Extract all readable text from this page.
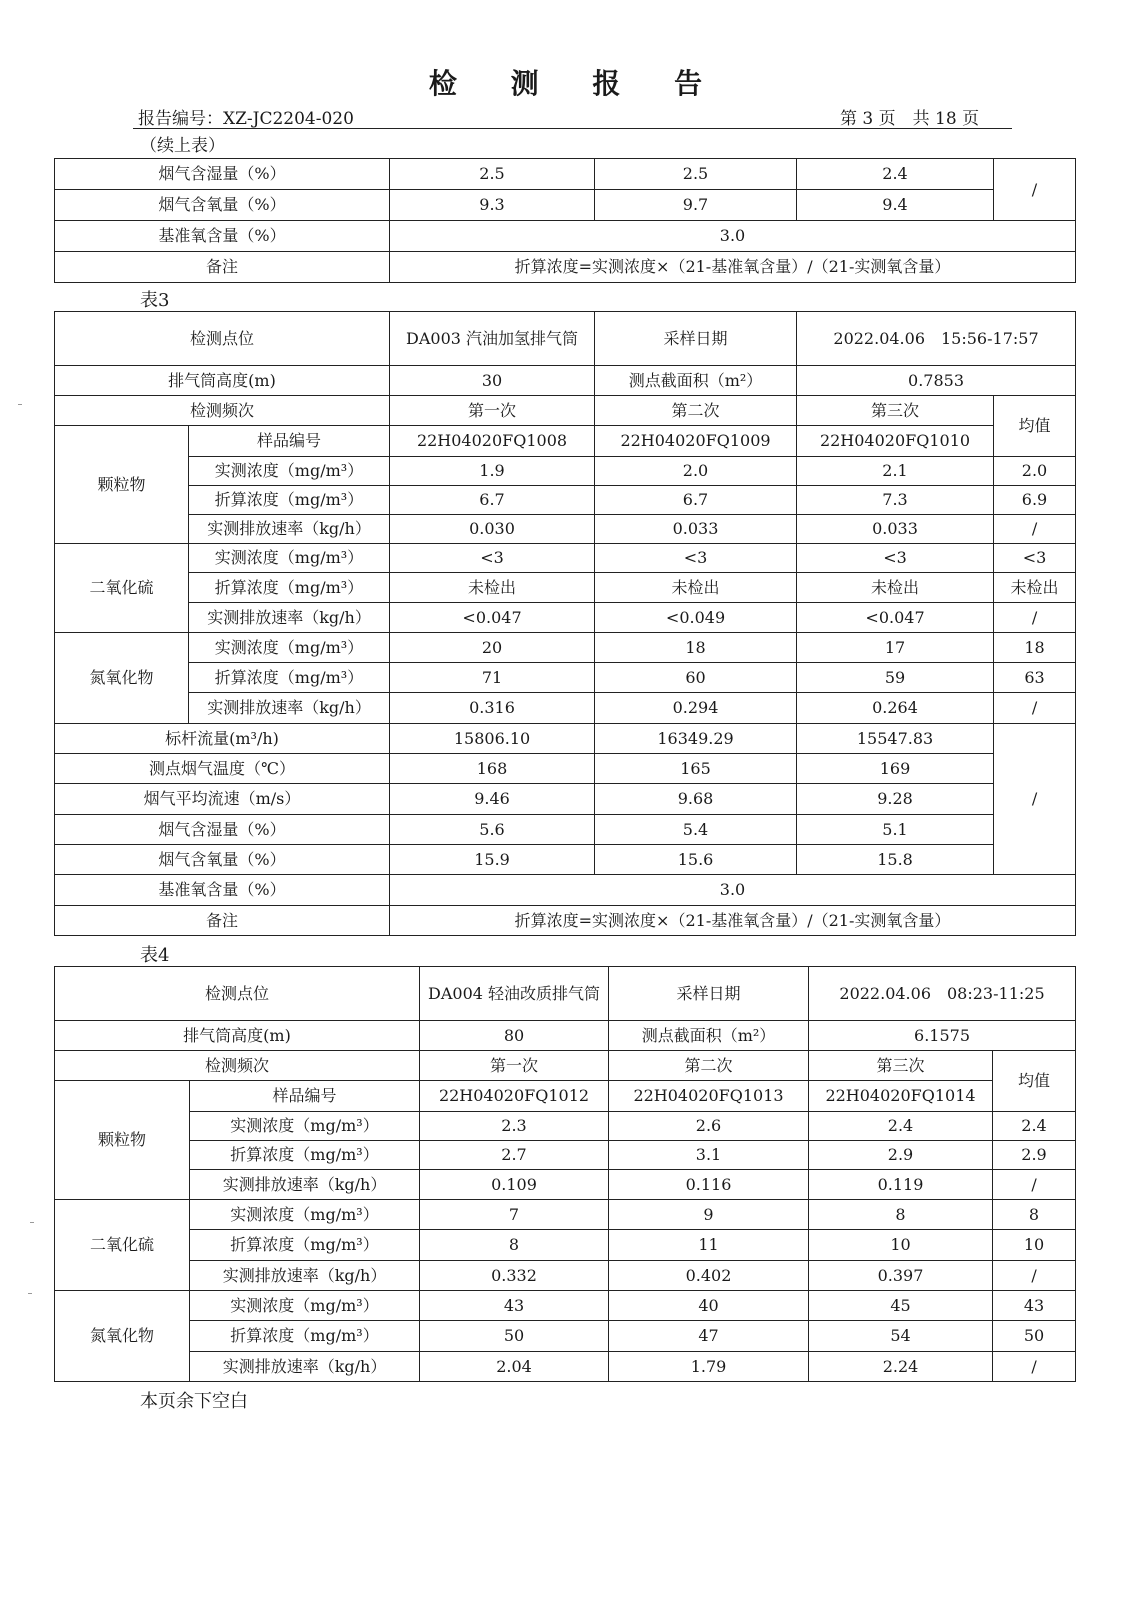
检 测 报 告
报告编号：XZ-JC2204-020	第 3 页　共 18 页
（续上表）
烟气含湿量（%）	2.5	2.5	2.4	/
烟气含氧量（%）	9.3	9.7	9.4	
基准氧含量（%）	3.0			
备注	折算浓度=实测浓度×（21-基准氧含量）/（21-实测氧含量）			
表3
检测点位		DA003 汽油加氢排气筒	采样日期	2022.04.06　15:56-17:57	
排气筒高度(m)		30	测点截面积（m²）	0.7853	
检测频次		第一次	第二次	第三次	均值
颗粒物	样品编号	22H04020FQ1008	22H04020FQ1009	22H04020FQ1010	
	实测浓度（mg/m³）	1.9	2.0	2.1	2.0
	折算浓度（mg/m³）	6.7	6.7	7.3	6.9
	实测排放速率（kg/h）	0.030	0.033	0.033	/
二氧化硫	实测浓度（mg/m³）	<3	<3	<3	<3
	折算浓度（mg/m³）	未检出	未检出	未检出	未检出
	实测排放速率（kg/h）	<0.047	<0.049	<0.047	/
氮氧化物	实测浓度（mg/m³）	20	18	17	18
	折算浓度（mg/m³）	71	60	59	63
	实测排放速率（kg/h）	0.316	0.294	0.264	/
标杆流量(m³/h)		15806.10	16349.29	15547.83	/
测点烟气温度（℃）		168	165	169	
烟气平均流速（m/s）		9.46	9.68	9.28	
烟气含湿量（%）		5.6	5.4	5.1	
烟气含氧量（%）		15.9	15.6	15.8	
基准氧含量（%）		3.0			
备注		折算浓度=实测浓度×（21-基准氧含量）/（21-实测氧含量）			
表4
检测点位		DA004 轻油改质排气筒	采样日期	2022.04.06　08:23-11:25	
排气筒高度(m)		80	测点截面积（m²）	6.1575	
检测频次		第一次	第二次	第三次	均值
颗粒物	样品编号	22H04020FQ1012	22H04020FQ1013	22H04020FQ1014	
	实测浓度（mg/m³）	2.3	2.6	2.4	2.4
	折算浓度（mg/m³）	2.7	3.1	2.9	2.9
	实测排放速率（kg/h）	0.109	0.116	0.119	/
二氧化硫	实测浓度（mg/m³）	7	9	8	8
	折算浓度（mg/m³）	8	11	10	10
	实测排放速率（kg/h）	0.332	0.402	0.397	/
氮氧化物	实测浓度（mg/m³）	43	40	45	43
	折算浓度（mg/m³）	50	47	54	50
	实测排放速率（kg/h）	2.04	1.79	2.24	/
本页余下空白
